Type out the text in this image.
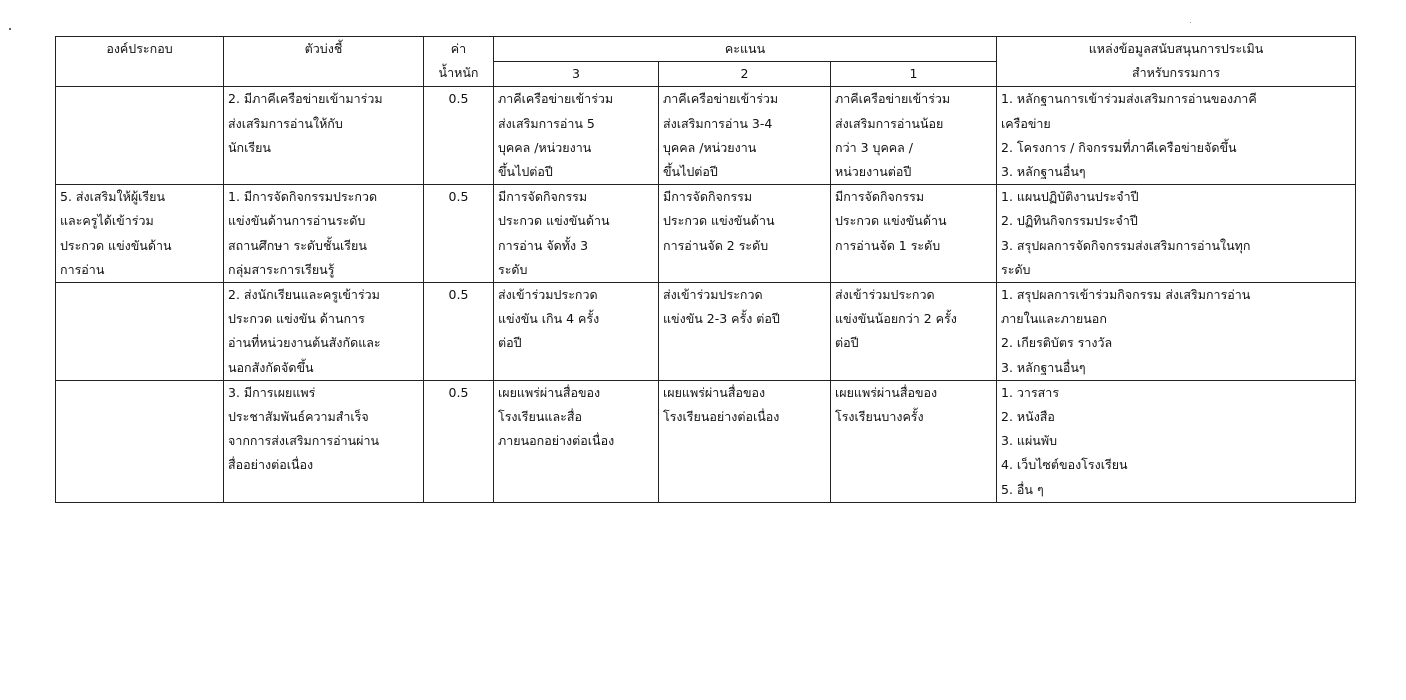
องค์ประกอบ	ตัวบ่งชี้	ค่า
น้ำหนัก	คะแนน			แหล่งข้อมูลสนับสนุนการประเมิน
สำหรับกรรมการ

			3	2	1	

	2. มีภาคีเครือข่ายเข้ามาร่วม
ส่งเสริมการอ่านให้กับ
นักเรียน	0.5	ภาคีเครือข่ายเข้าร่วม
ส่งเสริมการอ่าน 5
บุคคล /หน่วยงาน
ขึ้นไปต่อปี	ภาคีเครือข่ายเข้าร่วม
ส่งเสริมการอ่าน 3-4
บุคคล /หน่วยงาน
ขึ้นไปต่อปี	ภาคีเครือข่ายเข้าร่วม
ส่งเสริมการอ่านน้อย
กว่า 3 บุคคล /
หน่วยงานต่อปี	1. หลักฐานการเข้าร่วมส่งเสริมการอ่านของภาคี
เครือข่าย
2. โครงการ / กิจกรรมที่ภาคีเครือข่ายจัดขึ้น
3. หลักฐานอื่นๆ

5. ส่งเสริมให้ผู้เรียน
และครูได้เข้าร่วม
ประกวด แข่งขันด้าน
การอ่าน	1. มีการจัดกิจกรรมประกวด
แข่งขันด้านการอ่านระดับ
สถานศึกษา ระดับชั้นเรียน
กลุ่มสาระการเรียนรู้	0.5	มีการจัดกิจกรรม
ประกวด แข่งขันด้าน
การอ่าน จัดทั้ง 3
ระดับ	มีการจัดกิจกรรม
ประกวด แข่งขันด้าน
การอ่านจัด 2 ระดับ	มีการจัดกิจกรรม
ประกวด แข่งขันด้าน
การอ่านจัด 1 ระดับ	1. แผนปฏิบัติงานประจำปี
2. ปฏิทินกิจกรรมประจำปี
3. สรุปผลการจัดกิจกรรมส่งเสริมการอ่านในทุก
ระดับ

	2. ส่งนักเรียนและครูเข้าร่วม
ประกวด แข่งขัน ด้านการ
อ่านที่หน่วยงานต้นสังกัดและ
นอกสังกัดจัดขึ้น	0.5	ส่งเข้าร่วมประกวด
แข่งขัน เกิน 4 ครั้ง
ต่อปี	ส่งเข้าร่วมประกวด
แข่งขัน 2-3 ครั้ง ต่อปี	ส่งเข้าร่วมประกวด
แข่งขันน้อยกว่า 2 ครั้ง
ต่อปี	1. สรุปผลการเข้าร่วมกิจกรรม ส่งเสริมการอ่าน
ภายในและภายนอก
2. เกียรติบัตร รางวัล
3. หลักฐานอื่นๆ

	3. มีการเผยแพร่
ประชาสัมพันธ์ความสำเร็จ
จากการส่งเสริมการอ่านผ่าน
สื่ออย่างต่อเนื่อง	0.5	เผยแพร่ผ่านสื่อของ
โรงเรียนและสื่อ
ภายนอกอย่างต่อเนื่อง	เผยแพร่ผ่านสื่อของ
โรงเรียนอย่างต่อเนื่อง	เผยแพร่ผ่านสื่อของ
โรงเรียนบางครั้ง	1. วารสาร
2. หนังสือ
3. แผ่นพับ
4. เว็บไซต์ของโรงเรียน
5. อื่น ๆ
